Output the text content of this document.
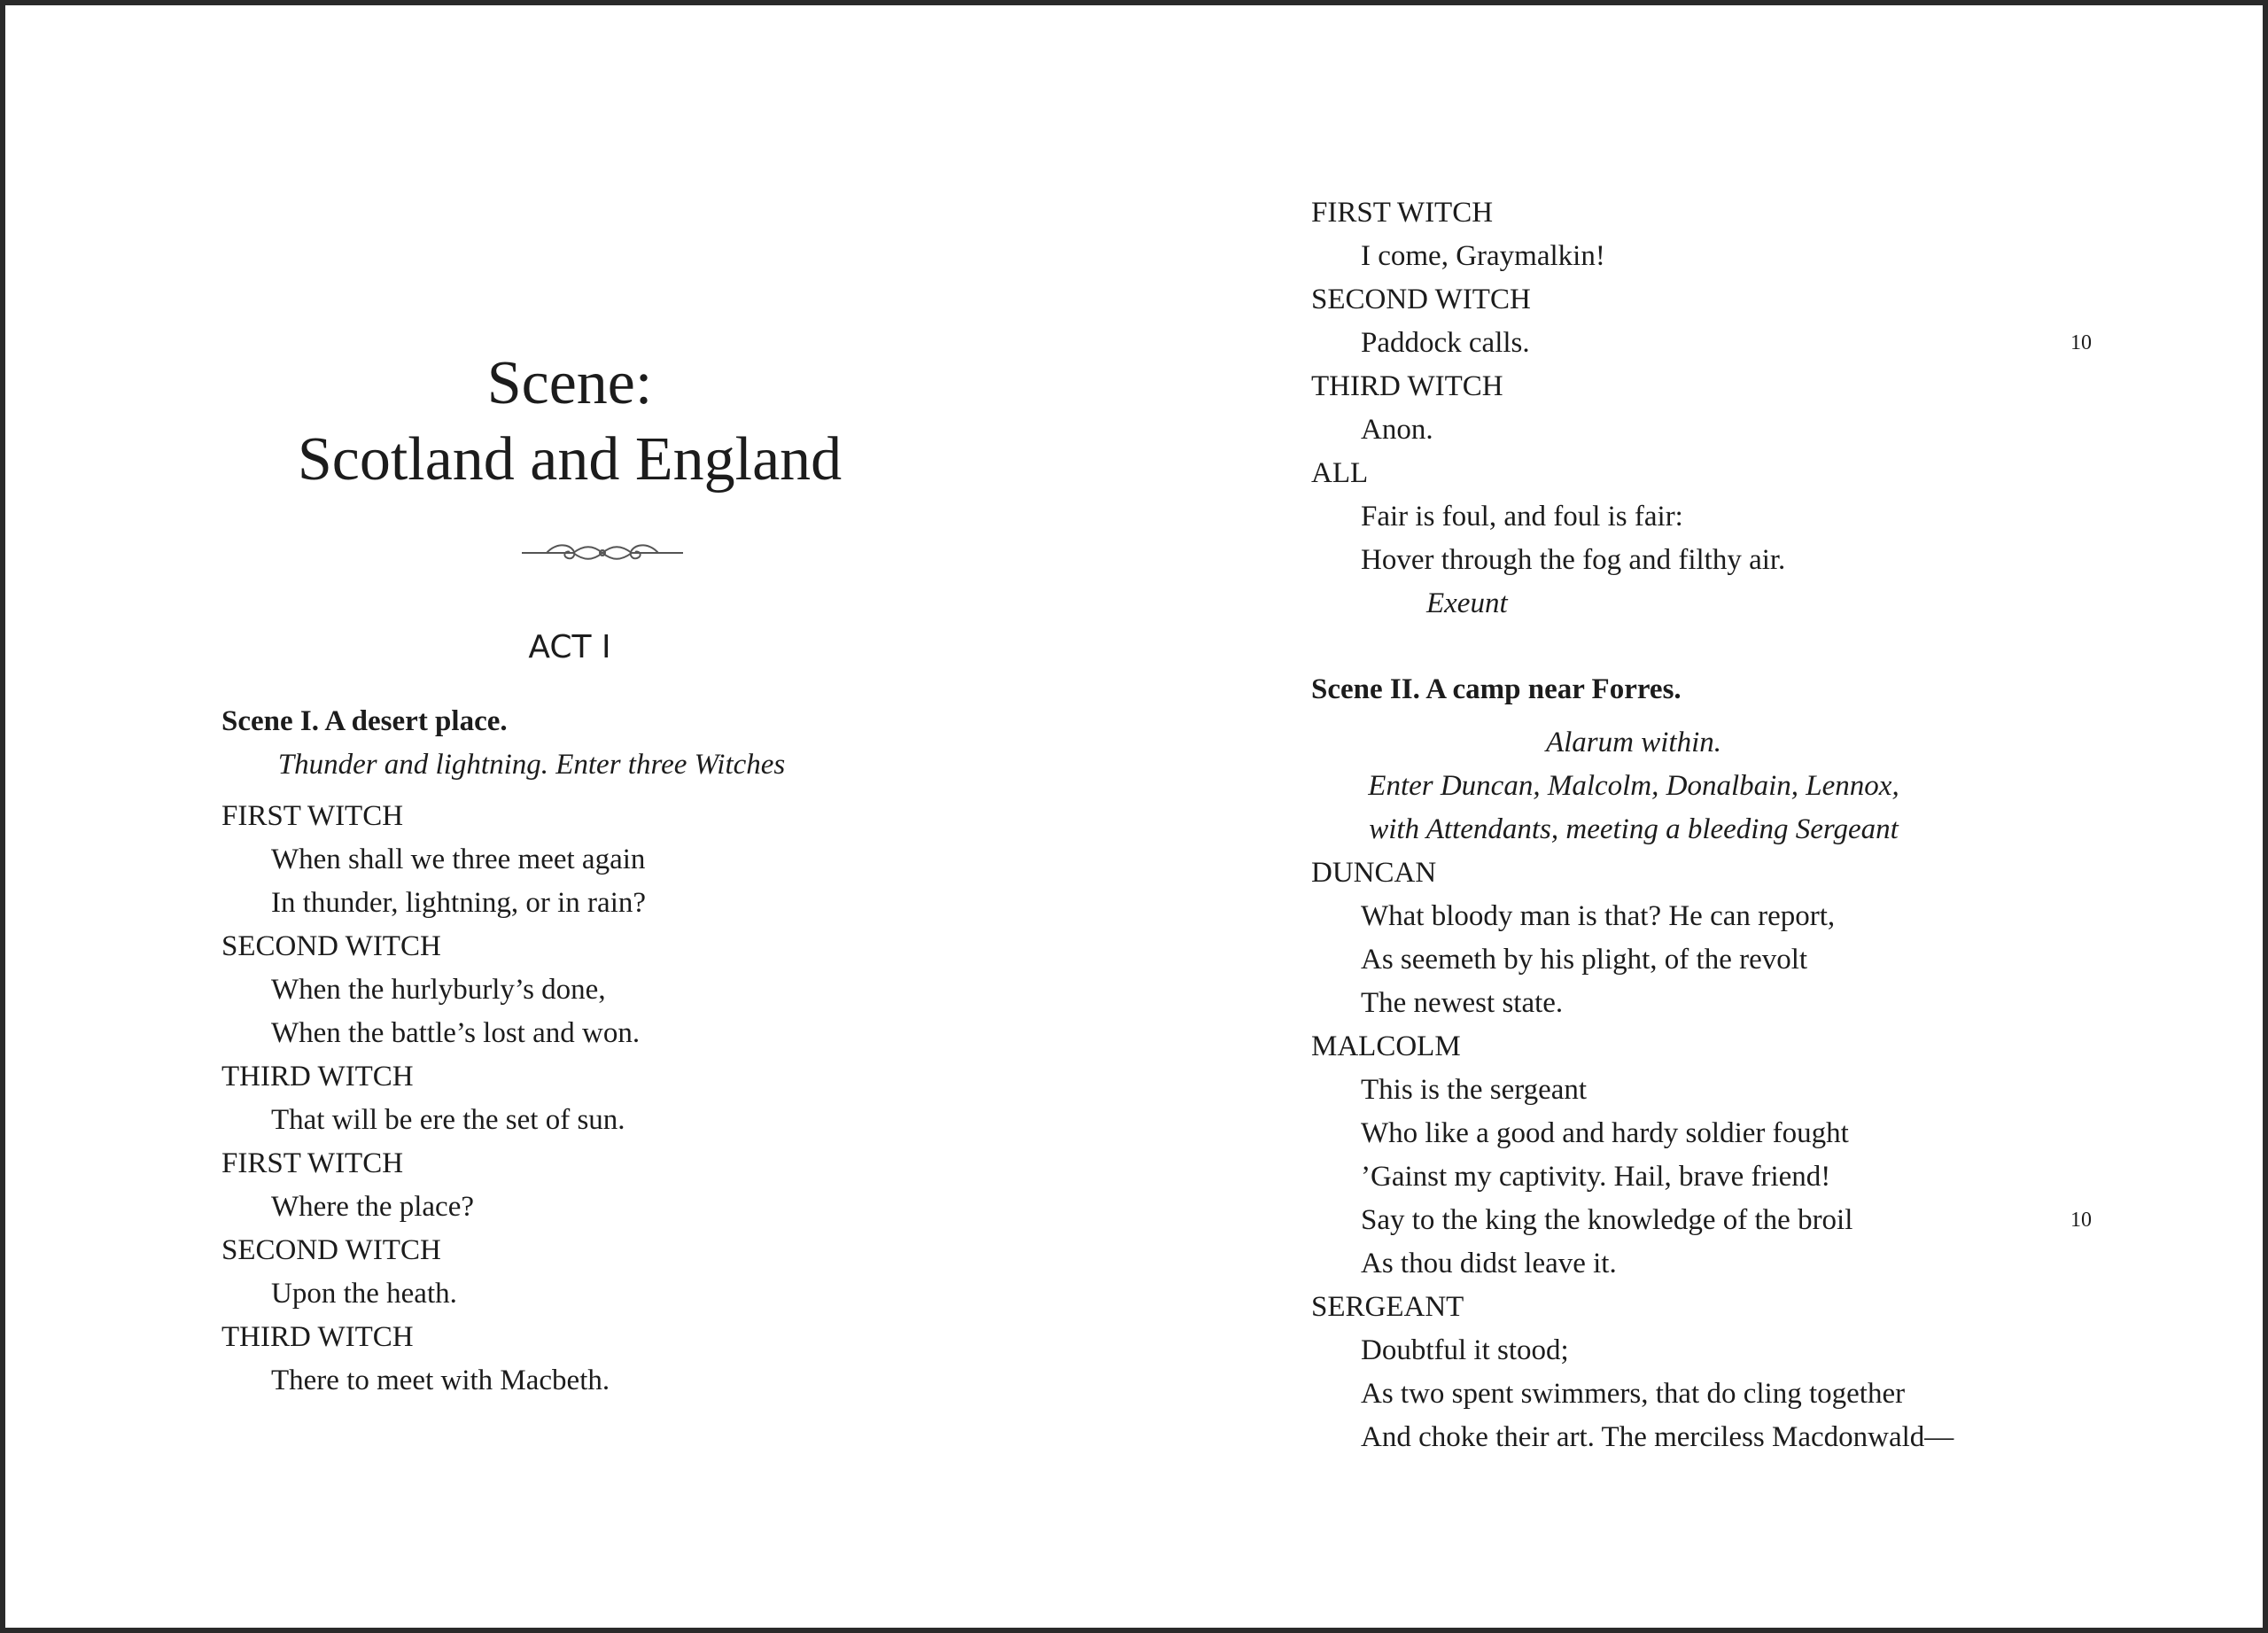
Scene:
Scotland and England
ACT I
Scene I. A desert place.
Thunder and lightning. Enter three Witches
FIRST WITCH
When shall we three meet again
In thunder, lightning, or in rain?
SECOND WITCH
When the hurlyburly’s done,
When the battle’s lost and won.
THIRD WITCH
That will be ere the set of sun.
FIRST WITCH
Where the place?
SECOND WITCH
Upon the heath.
THIRD WITCH
There to meet with Macbeth.
FIRST WITCH
I come, Graymalkin!
SECOND WITCH
Paddock calls.	10
THIRD WITCH
Anon.
ALL
Fair is foul, and foul is fair:
Hover through the fog and filthy air.
Exeunt
Scene II. A camp near Forres.
Alarum within.
Enter Duncan, Malcolm, Donalbain, Lennox,
with Attendants, meeting a bleeding Sergeant
DUNCAN
What bloody man is that? He can report,
As seemeth by his plight, of the revolt
The newest state.
MALCOLM
This is the sergeant
Who like a good and hardy soldier fought
’Gainst my captivity. Hail, brave friend!
Say to the king the knowledge of the broil	10
As thou didst leave it.
SERGEANT
Doubtful it stood;
As two spent swimmers, that do cling together
And choke their art. The merciless Macdonwald—
